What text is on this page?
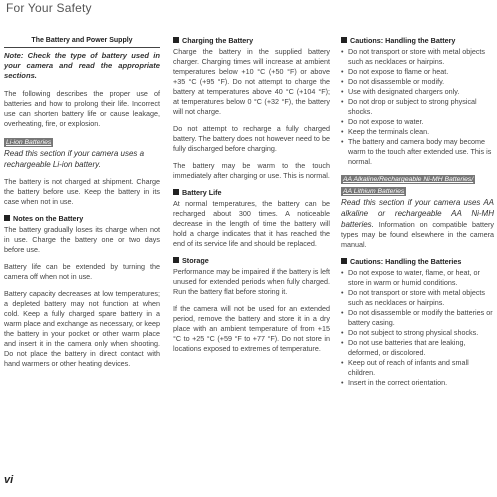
For Your Safety
The Battery and Power Supply

Note: Check the type of battery used in your camera and read the appropriate sections.

The following describes the proper use of batteries and how to prolong their life. Incorrect use can shorten battery life or cause leakage, overheating, fire, or explosion.

Li-ion Batteries
Read this section if your camera uses a rechargeable Li-ion battery.

The battery is not charged at shipment. Charge the battery before use. Keep the battery in its case when not in use.

Notes on the Battery

The battery gradually loses its charge when not in use. Charge the battery one or two days before use.

Battery life can be extended by turning the camera off when not in use.

Battery capacity decreases at low temperatures; a depleted battery may not function at when cold. Keep a fully charged spare battery in a warm place and exchange as necessary, or keep the battery in your pocket or other warm place and insert it in the camera only when shooting. Do not place the battery in direct contact with hand warmers or other heating devices.

Charging the Battery

Charge the battery in the supplied battery charger. Charging times will increase at ambient temperatures below +10 °C (+50 °F) or above +35 °C (+95 °F). Do not attempt to charge the battery at temperatures above 40 °C (+104 °F); at temperatures below 0 °C (+32 °F), the battery will not charge.

Do not attempt to recharge a fully charged battery. The battery does not however need to be fully discharged before charging.

The battery may be warm to the touch immediately after charging or use. This is normal.

Battery Life

At normal temperatures, the battery can be recharged about 300 times. A noticeable decrease in the length of time the battery will hold a charge indicates that it has reached the end of its service life and should be replaced.

Storage

Performance may be impaired if the battery is left unused for extended periods when fully charged. Run the battery flat before storing it.

If the camera will not be used for an extended period, remove the battery and store it in a dry place with an ambient temperature of from +15 °C to +25 °C (+59 °F to +77 °F). Do not store in locations exposed to extremes of temperature.

Cautions: Handling the Battery
• Do not transport or store with metal objects such as necklaces or hairpins.
• Do not expose to flame or heat.
• Do not disassemble or modify.
• Use with designated chargers only.
• Do not drop or subject to strong physical shocks.
• Do not expose to water.
• Keep the terminals clean.
• The battery and camera body may become warm to the touch after extended use. This is normal.
AA Alkaline/Rechargeable Ni-MH Batteries/
AA Lithium Batteries

Read this section if your camera uses AA alkaline or rechargeable AA Ni-MH batteries. Information on compatible battery types may be found elsewhere in the camera manual.

Cautions: Handling the Batteries
• Do not expose to water, flame, or heat, or store in warm or humid conditions.
• Do not transport or store with metal objects such as necklaces or hairpins.
• Do not disassemble or modify the batteries or battery casing.
• Do not subject to strong physical shocks.
• Do not use batteries that are leaking, deformed, or discolored.
• Keep out of reach of infants and small children.
• Insert in the correct orientation.
vi
